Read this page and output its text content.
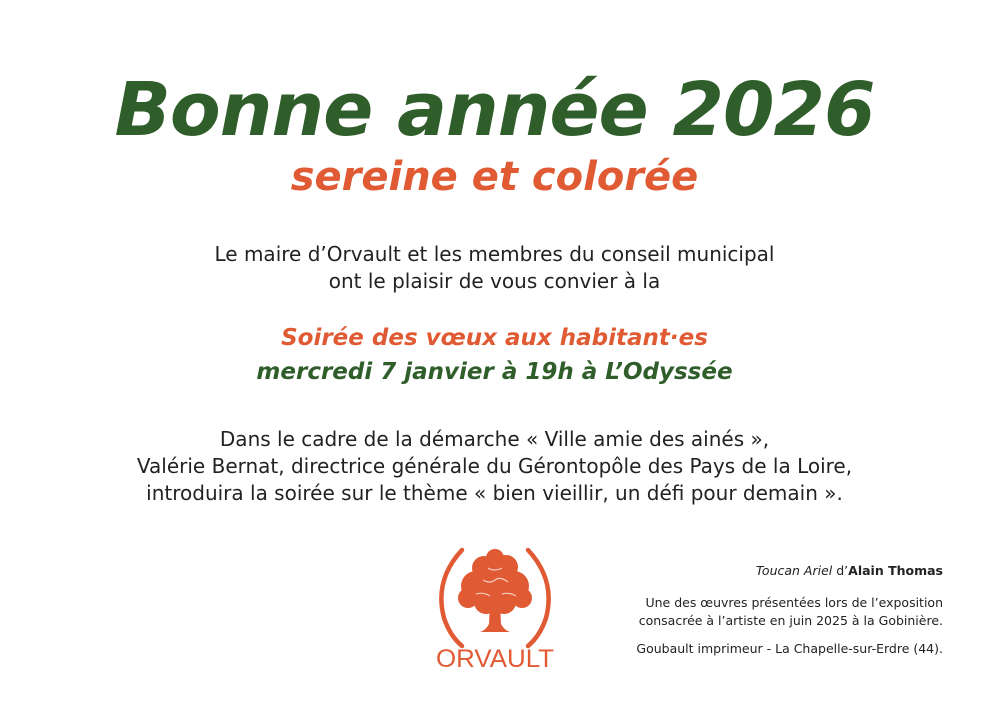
Bonne année 2026
sereine et colorée
Le maire d’Orvault et les membres du conseil municipal
ont le plaisir de vous convier à la
Soirée des vœux aux habitant·es
mercredi 7 janvier à 19h à L’Odyssée
Dans le cadre de la démarche « Ville amie des ainés »,
Valérie Bernat, directrice générale du Gérontopôle des Pays de la Loire,
introduira la soirée sur le thème « bien vieillir, un défi pour demain ».
ORVAULT

Toucan Ariel d’Alain Thomas

Une des œuvres présentées lors de l’exposition
consacrée à l’artiste en juin 2025 à la Gobinière.

Goubault imprimeur - La Chapelle-sur-Erdre (44).
